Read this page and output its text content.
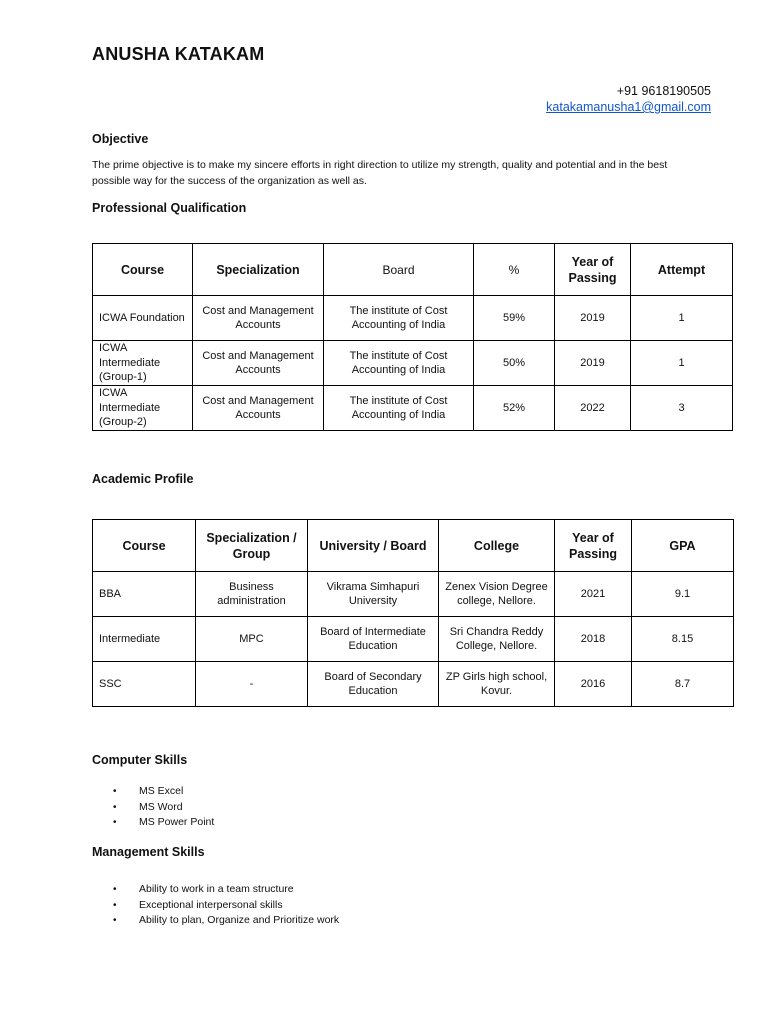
ANUSHA KATAKAM
+91 9618190505
katakamanusha1@gmail.com
Objective
The prime objective is to make my sincere efforts in right direction to utilize my strength, quality and potential and in the best possible way for the success of the organization as well as.
Professional Qualification
Course	Specialization	Board	%	Year of Passing	Attempt
ICWA Foundation	Cost and Management Accounts	The institute of Cost Accounting of India	59%	2019	1
ICWA Intermediate (Group-1)	Cost and Management Accounts	The institute of Cost Accounting of India	50%	2019	1
ICWA Intermediate (Group-2)	Cost and Management Accounts	The institute of Cost Accounting of India	52%	2022	3
Academic Profile
Course	Specialization / Group	University / Board	College	Year of Passing	GPA
BBA	Business administration	Vikrama Simhapuri University	Zenex Vision Degree college, Nellore.	2021	9.1
Intermediate	MPC	Board of Intermediate Education	Sri Chandra Reddy College, Nellore.	2018	8.15
SSC	-	Board of Secondary Education	ZP Girls high school, Kovur.	2016	8.7
Computer Skills
• MS Excel
• MS Word
• MS Power Point
Management Skills
• Ability to work in a team structure
• Exceptional interpersonal skills
• Ability to plan, Organize and Prioritize work
